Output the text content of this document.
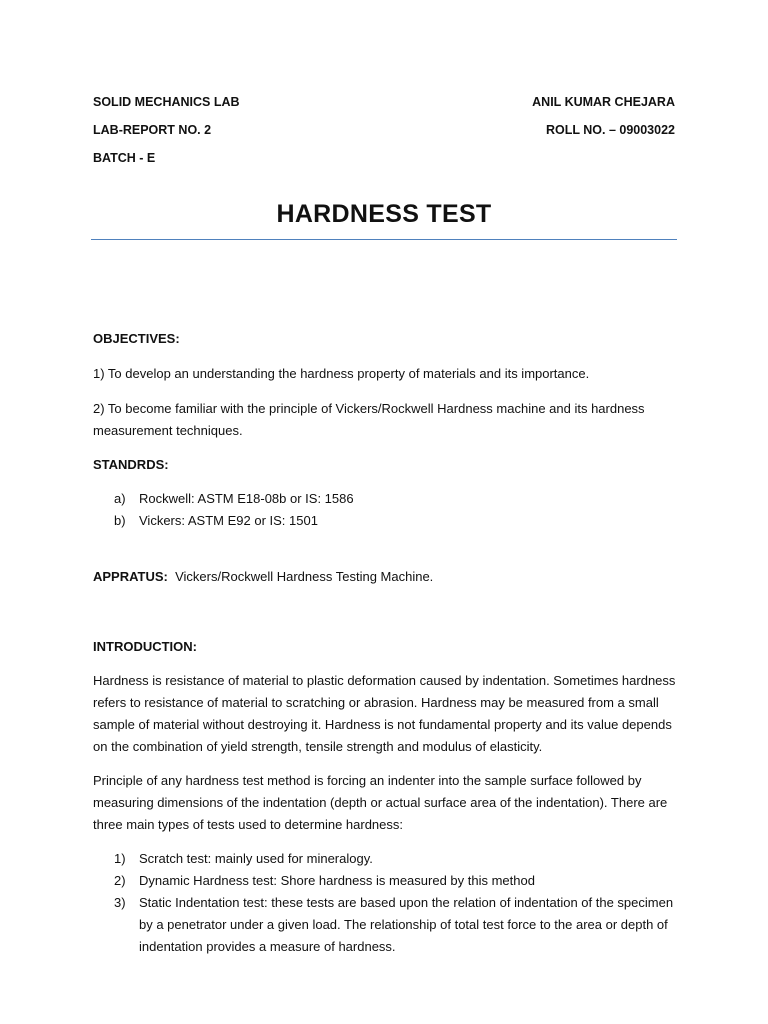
SOLID MECHANICS LAB
LAB-REPORT NO. 2
BATCH - E
ANIL KUMAR CHEJARA
ROLL NO. – 09003022
HARDNESS TEST
OBJECTIVES:

1) To develop an understanding the hardness property of materials and its importance.

2) To become familiar with the principle of Vickers/Rockwell Hardness machine and its hardness measurement techniques.

STANDRDS:
a) Rockwell: ASTM E18-08b or IS: 1586
b) Vickers: ASTM E92 or IS: 1501
APPRATUS: Vickers/Rockwell Hardness Testing Machine.
INTRODUCTION:

Hardness is resistance of material to plastic deformation caused by indentation. Sometimes hardness refers to resistance of material to scratching or abrasion. Hardness may be measured from a small sample of material without destroying it. Hardness is not fundamental property and its value depends on the combination of yield strength, tensile strength and modulus of elasticity.

Principle of any hardness test method is forcing an indenter into the sample surface followed by measuring dimensions of the indentation (depth or actual surface area of the indentation). There are three main types of tests used to determine hardness:

1) Scratch test: mainly used for mineralogy.
2) Dynamic Hardness test: Shore hardness is measured by this method
3) Static Indentation test: these tests are based upon the relation of indentation of the specimen by a penetrator under a given load. The relationship of total test force to the area or depth of indentation provides a measure of hardness.
